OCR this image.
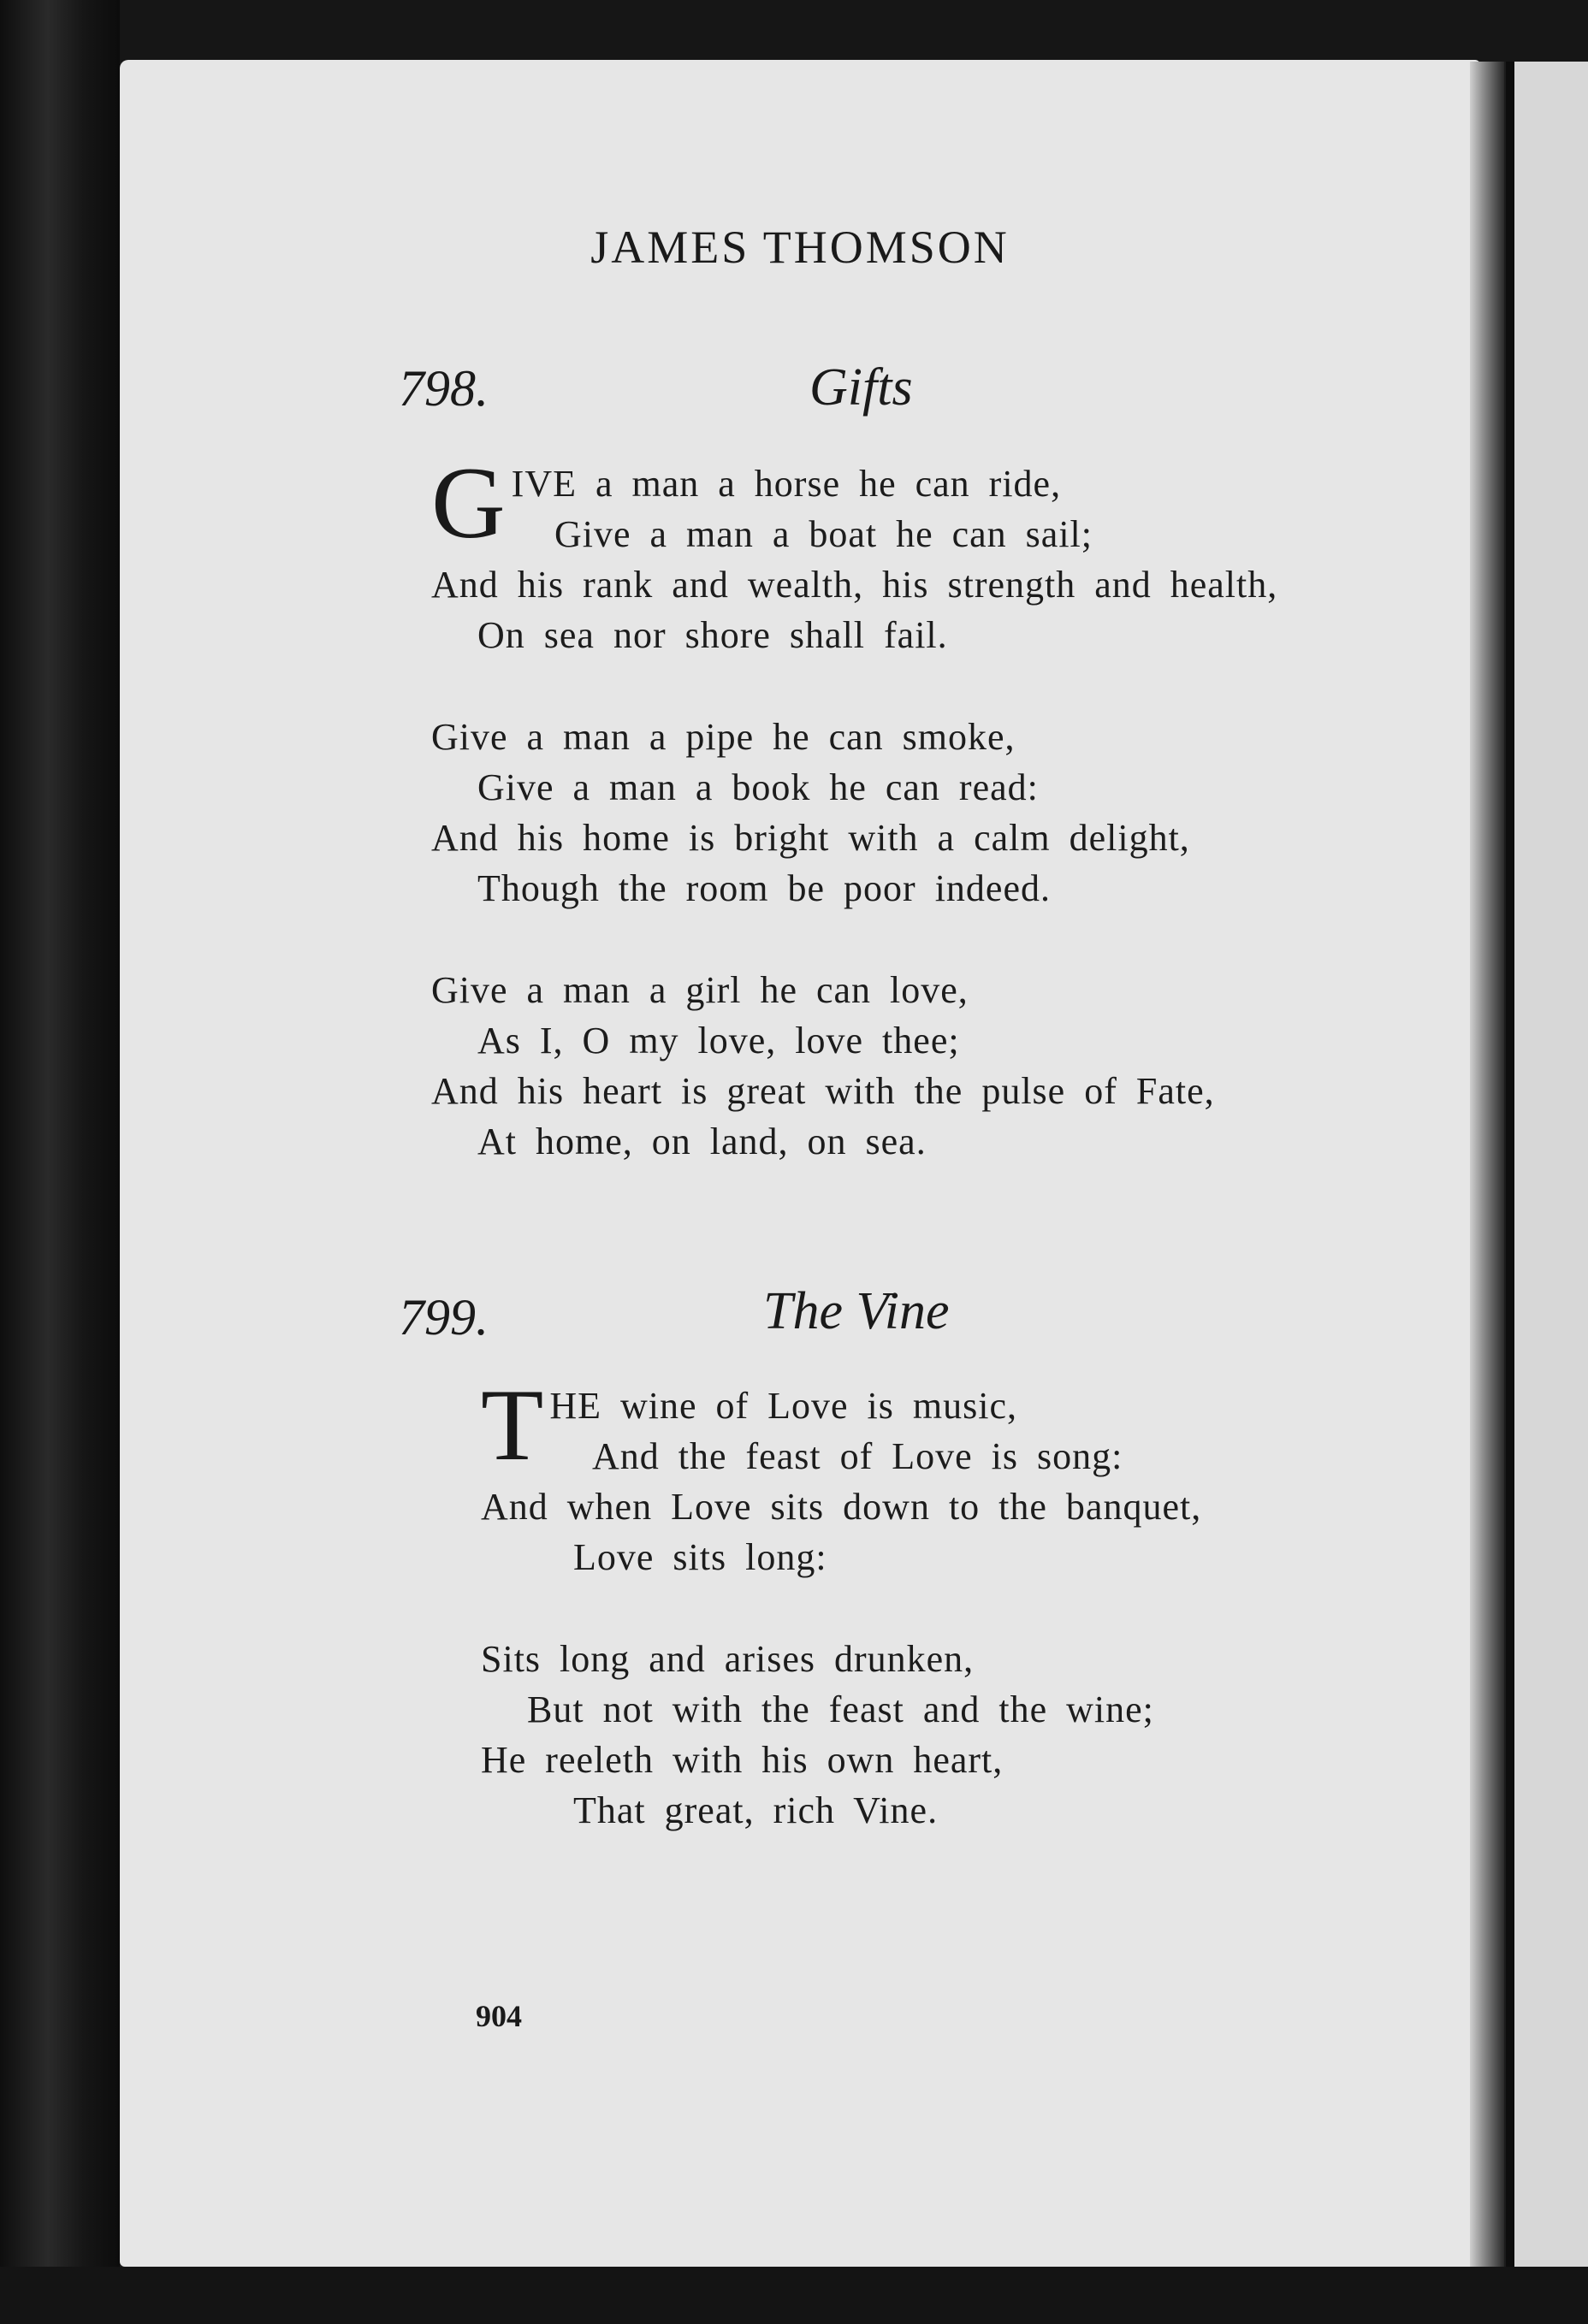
JAMES THOMSON
798.	Gifts
GIVE a man a horse he can ride,
Give a man a boat he can sail;
And his rank and wealth, his strength and health,
On sea nor shore shall fail.
Give a man a pipe he can smoke,
Give a man a book he can read:
And his home is bright with a calm delight,
Though the room be poor indeed.
Give a man a girl he can love,
As I, O my love, love thee;
And his heart is great with the pulse of Fate,
At home, on land, on sea.
799.	The Vine
THE wine of Love is music,
And the feast of Love is song:
And when Love sits down to the banquet,
Love sits long:
Sits long and arises drunken,
But not with the feast and the wine;
He reeleth with his own heart,
That great, rich Vine.
904
